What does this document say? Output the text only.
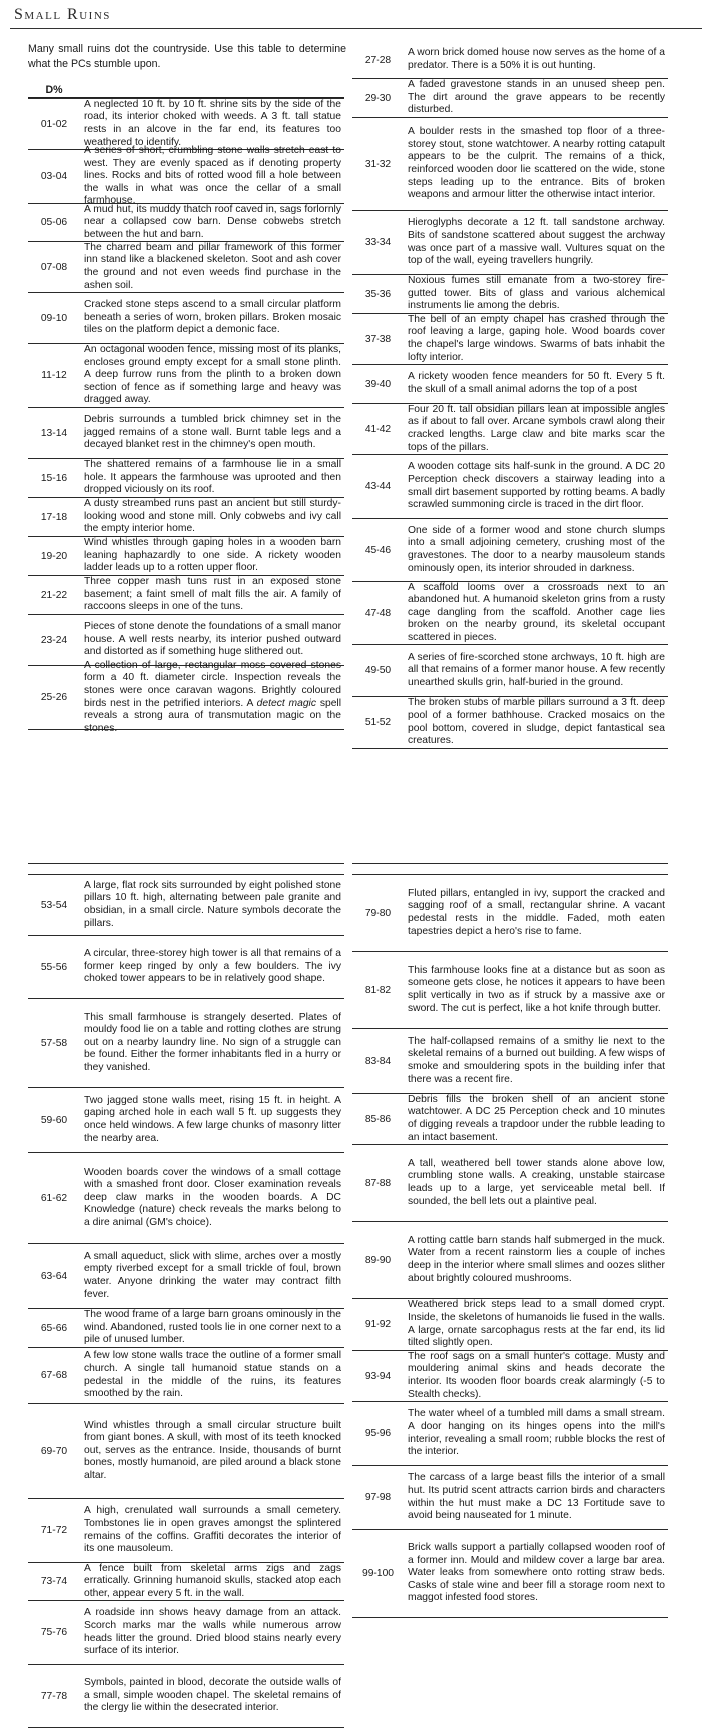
Small Ruins
Many small ruins dot the countryside. Use this table to determine what the PCs stumble upon.
D%
01-02
A neglected 10 ft. by 10 ft. shrine sits by the side of the road, its interior choked with weeds. A 3 ft. tall statue rests in an alcove in the far end, its features too weathered to identify.
03-04
A series of short, crumbling stone walls stretch east to west. They are evenly spaced as if denoting property lines. Rocks and bits of rotted wood fill a hole between the walls in what was once the cellar of a small farmhouse.
05-06
A mud hut, its muddy thatch roof caved in, sags forlornly near a collapsed cow barn. Dense cobwebs stretch between the hut and barn.
07-08
The charred beam and pillar framework of this former inn stand like a blackened skeleton. Soot and ash cover the ground and not even weeds find purchase in the ashen soil.
09-10
Cracked stone steps ascend to a small circular platform beneath a series of worn, broken pillars. Broken mosaic tiles on the platform depict a demonic face.
11-12
An octagonal wooden fence, missing most of its planks, encloses ground empty except for a small stone plinth. A deep furrow runs from the plinth to a broken down section of fence as if something large and heavy was dragged away.
13-14
Debris surrounds a tumbled brick chimney set in the jagged remains of a stone wall. Burnt table legs and a decayed blanket rest in the chimney's open mouth.
15-16
The shattered remains of a farmhouse lie in a small hole. It appears the farmhouse was uprooted and then dropped viciously on its roof.
17-18
A dusty streambed runs past an ancient but still sturdy-looking wood and stone mill. Only cobwebs and ivy call the empty interior home.
19-20
Wind whistles through gaping holes in a wooden barn leaning haphazardly to one side. A rickety wooden ladder leads up to a rotten upper floor.
21-22
Three copper mash tuns rust in an exposed stone basement; a faint smell of malt fills the air. A family of raccoons sleeps in one of the tuns.
23-24
Pieces of stone denote the foundations of a small manor house. A well rests nearby, its interior pushed outward and distorted as if something huge slithered out.
25-26
A collection of large, rectangular moss covered stones form a 40 ft. diameter circle. Inspection reveals the stones were once caravan wagons. Brightly coloured birds nest in the petrified interiors. A detect magic spell reveals a strong aura of transmutation magic on the stones.
27-28
A worn brick domed house now serves as the home of a predator. There is a 50% it is out hunting.
29-30
A faded gravestone stands in an unused sheep pen. The dirt around the grave appears to be recently disturbed.
31-32
A boulder rests in the smashed top floor of a three-storey stout, stone watchtower. A nearby rotting catapult appears to be the culprit. The remains of a thick, reinforced wooden door lie scattered on the wide, stone steps leading up to the entrance. Bits of broken weapons and armour litter the otherwise intact interior.
33-34
Hieroglyphs decorate a 12 ft. tall sandstone archway. Bits of sandstone scattered about suggest the archway was once part of a massive wall. Vultures squat on the top of the wall, eyeing travellers hungrily.
35-36
Noxious fumes still emanate from a two-storey fire-gutted tower. Bits of glass and various alchemical instruments lie among the debris.
37-38
The bell of an empty chapel has crashed through the roof leaving a large, gaping hole. Wood boards cover the chapel's large windows. Swarms of bats inhabit the lofty interior.
39-40
A rickety wooden fence meanders for 50 ft. Every 5 ft. the skull of a small animal adorns the top of a post
41-42
Four 20 ft. tall obsidian pillars lean at impossible angles as if about to fall over. Arcane symbols crawl along their cracked lengths. Large claw and bite marks scar the tops of the pillars.
43-44
A wooden cottage sits half-sunk in the ground. A DC 20 Perception check discovers a stairway leading into a small dirt basement supported by rotting beams. A badly scrawled summoning circle is traced in the dirt floor.
45-46
One side of a former wood and stone church slumps into a small adjoining cemetery, crushing most of the gravestones. The door to a nearby mausoleum stands ominously open, its interior shrouded in darkness.
47-48
A scaffold looms over a crossroads next to an abandoned hut. A humanoid skeleton grins from a rusty cage dangling from the scaffold. Another cage lies broken on the nearby ground, its skeletal occupant scattered in pieces.
49-50
A series of fire-scorched stone archways, 10 ft. high are all that remains of a former manor house. A few recently unearthed skulls grin, half-buried in the ground.
51-52
The broken stubs of marble pillars surround a 3 ft. deep pool of a former bathhouse. Cracked mosaics on the pool bottom, covered in sludge, depict fantastical sea creatures.
53-54
A large, flat rock sits surrounded by eight polished stone pillars 10 ft. high, alternating between pale granite and obsidian, in a small circle. Nature symbols decorate the pillars.
55-56
A circular, three-storey high tower is all that remains of a former keep ringed by only a few boulders. The ivy choked tower appears to be in relatively good shape.
57-58
This small farmhouse is strangely deserted. Plates of mouldy food lie on a table and rotting clothes are strung out on a nearby laundry line. No sign of a struggle can be found. Either the former inhabitants fled in a hurry or they vanished.
59-60
Two jagged stone walls meet, rising 15 ft. in height. A gaping arched hole in each wall 5 ft. up suggests they once held windows. A few large chunks of masonry litter the nearby area.
61-62
Wooden boards cover the windows of a small cottage with a smashed front door. Closer examination reveals deep claw marks in the wooden boards. A DC Knowledge (nature) check reveals the marks belong to a dire animal (GM's choice).
63-64
A small aqueduct, slick with slime, arches over a mostly empty riverbed except for a small trickle of foul, brown water. Anyone drinking the water may contract filth fever.
65-66
The wood frame of a large barn groans ominously in the wind. Abandoned, rusted tools lie in one corner next to a pile of unused lumber.
67-68
A few low stone walls trace the outline of a former small church. A single tall humanoid statue stands on a pedestal in the middle of the ruins, its features smoothed by the rain.
69-70
Wind whistles through a small circular structure built from giant bones. A skull, with most of its teeth knocked out, serves as the entrance. Inside, thousands of burnt bones, mostly humanoid, are piled around a black stone altar.
71-72
A high, crenulated wall surrounds a small cemetery. Tombstones lie in open graves amongst the splintered remains of the coffins. Graffiti decorates the interior of its one mausoleum.
73-74
A fence built from skeletal arms zigs and zags erratically. Grinning humanoid skulls, stacked atop each other, appear every 5 ft. in the wall.
75-76
A roadside inn shows heavy damage from an attack. Scorch marks mar the walls while numerous arrow heads litter the ground. Dried blood stains nearly every surface of its interior.
77-78
Symbols, painted in blood, decorate the outside walls of a small, simple wooden chapel. The skeletal remains of the clergy lie within the desecrated interior.
79-80
Fluted pillars, entangled in ivy, support the cracked and sagging roof of a small, rectangular shrine. A vacant pedestal rests in the middle. Faded, moth eaten tapestries depict a hero's rise to fame.
81-82
This farmhouse looks fine at a distance but as soon as someone gets close, he notices it appears to have been split vertically in two as if struck by a massive axe or sword. The cut is perfect, like a hot knife through butter.
83-84
The half-collapsed remains of a smithy lie next to the skeletal remains of a burned out building. A few wisps of smoke and smouldering spots in the building infer that there was a recent fire.
85-86
Debris fills the broken shell of an ancient stone watchtower. A DC 25 Perception check and 10 minutes of digging reveals a trapdoor under the rubble leading to an intact basement.
87-88
A tall, weathered bell tower stands alone above low, crumbling stone walls. A creaking, unstable staircase leads up to a large, yet serviceable metal bell. If sounded, the bell lets out a plaintive peal.
89-90
A rotting cattle barn stands half submerged in the muck. Water from a recent rainstorm lies a couple of inches deep in the interior where small slimes and oozes slither about brightly coloured mushrooms.
91-92
Weathered brick steps lead to a small domed crypt. Inside, the skeletons of humanoids lie fused in the walls. A large, ornate sarcophagus rests at the far end, its lid tilted slightly open.
93-94
The roof sags on a small hunter's cottage. Musty and mouldering animal skins and heads decorate the interior. Its wooden floor boards creak alarmingly (-5 to Stealth checks).
95-96
The water wheel of a tumbled mill dams a small stream. A door hanging on its hinges opens into the mill's interior, revealing a small room; rubble blocks the rest of the interior.
97-98
The carcass of a large beast fills the interior of a small hut. Its putrid scent attracts carrion birds and characters within the hut must make a DC 13 Fortitude save to avoid being nauseated for 1 minute.
99-100
Brick walls support a partially collapsed wooden roof of a former inn. Mould and mildew cover a large bar area. Water leaks from somewhere onto rotting straw beds. Casks of stale wine and beer fill a storage room next to maggot infested food stores.
